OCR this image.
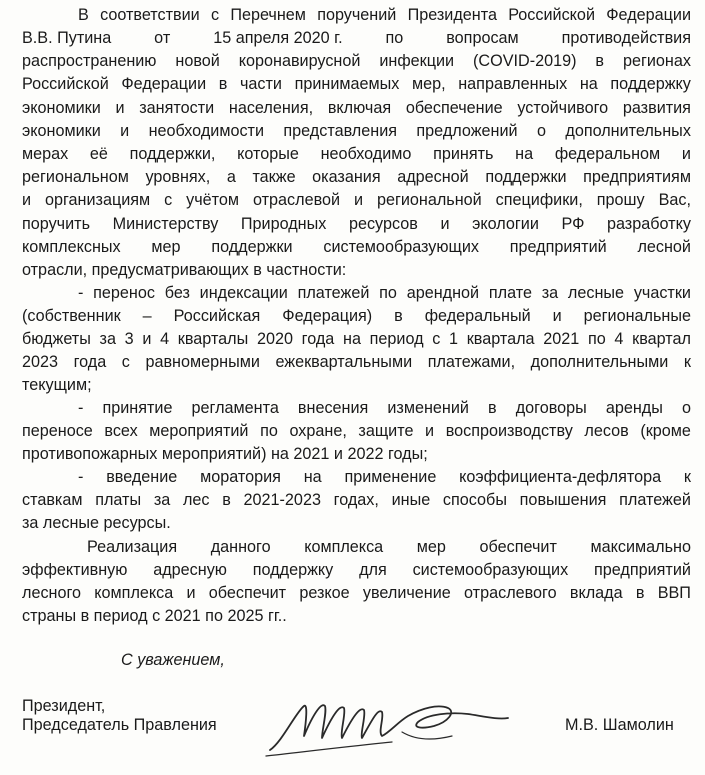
В соответствии с Перечнем поручений Президента Российской Федерации
В.В. Путина	от	15 апреля 2020 г.	по	вопросам	противодействия
распространению новой коронавирусной инфекции (COVID-2019) в регионах
Российской Федерации в части принимаемых мер, направленных на поддержку
экономики и занятости населения, включая обеспечение устойчивого развития
экономики и необходимости представления предложений о дополнительных
мерах её поддержки, которые необходимо принять на федеральном и
региональном уровнях, а также оказания адресной поддержки предприятиям
и организациям с учётом отраслевой и региональной специфики, прошу Вас,
поручить Министерству Природных ресурсов и экологии РФ разработку
комплексных мер поддержки системообразующих предприятий лесной
отрасли, предусматривающих в частности:
- перенос без индексации платежей по арендной плате за лесные участки
(собственник – Российская Федерация) в федеральный и региональные
бюджеты за 3 и 4 кварталы 2020 года на период с 1 квартала 2021 по 4 квартал
2023 года с равномерными ежеквартальными платежами, дополнительными к
текущим;
- принятие регламента внесения изменений в договоры аренды о
переносе всех мероприятий по охране, защите и воспроизводству лесов (кроме
противопожарных мероприятий) на 2021 и 2022 годы;
- введение моратория на применение коэффициента-дефлятора к
ставкам платы за лес в 2021-2023 годах, иные способы повышения платежей
за лесные ресурсы.
Реализация данного комплекса мер обеспечит максимально
эффективную адресную поддержку для системообразующих предприятий
лесного комплекса и обеспечит резкое увеличение отраслевого вклада в ВВП
страны в период с 2021 по 2025 гг..
С уважением,
Президент,
Председатель Правления	М.В. Шамолин
